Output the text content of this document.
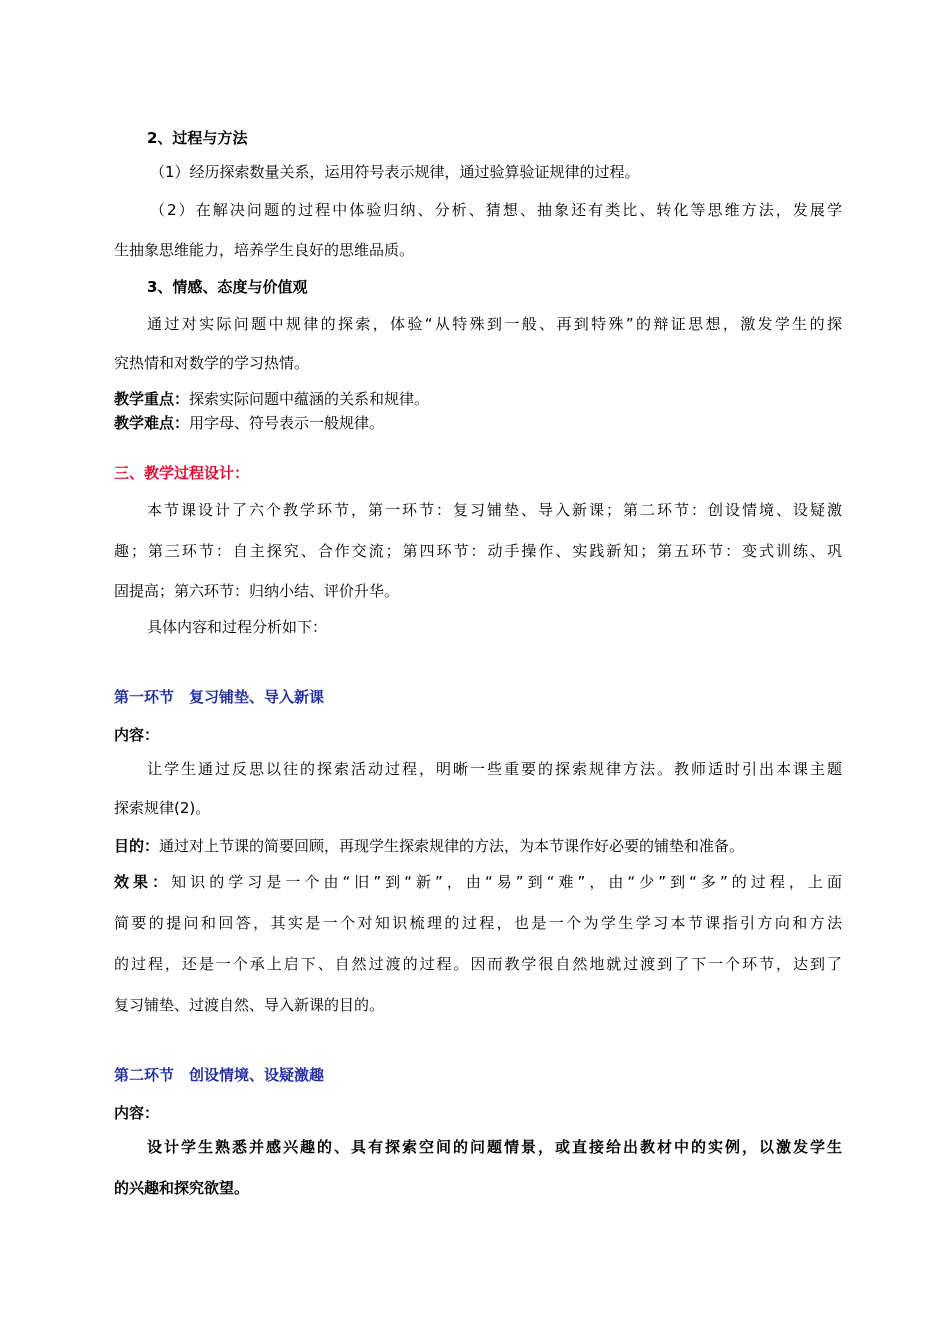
2、过程与方法
（1）经历探索数量关系，运用符号表示规律，通过验算验证规律的过程。
（2）在解决问题的过程中体验归纳、分析、猜想、抽象还有类比、转化等思维方法，发展学
生抽象思维能力，培养学生良好的思维品质。
3、情感、态度与价值观
通过对实际问题中规律的探索，体验“从特殊到一般、再到特殊”的辩证思想，激发学生的探
究热情和对数学的学习热情。
教学重点：探索实际问题中蕴涵的关系和规律。
教学难点：用字母、符号表示一般规律。
三、教学过程设计：
本节课设计了六个教学环节，第一环节：复习铺垫、导入新课；第二环节：创设情境、设疑激
趣；第三环节：自主探究、合作交流；第四环节：动手操作、实践新知；第五环节：变式训练、巩
固提高；第六环节：归纳小结、评价升华。
具体内容和过程分析如下：
第一环节　复习铺垫、导入新课
内容：
让学生通过反思以往的探索活动过程，明晰一些重要的探索规律方法。教师适时引出本课主题
探索规律(2)。
目的：通过对上节课的简要回顾，再现学生探索规律的方法，为本节课作好必要的铺垫和准备。
效果：知识的学习是一个由“旧”到“新”，由“易”到“难”，由“少”到“多”的过程，上面
简要的提问和回答，其实是一个对知识梳理的过程，也是一个为学生学习本节课指引方向和方法
的过程，还是一个承上启下、自然过渡的过程。因而教学很自然地就过渡到了下一个环节，达到了
复习铺垫、过渡自然、导入新课的目的。
第二环节　创设情境、设疑激趣
内容：
设计学生熟悉并感兴趣的、具有探索空间的问题情景，或直接给出教材中的实例，以激发学生
的兴趣和探究欲望。
